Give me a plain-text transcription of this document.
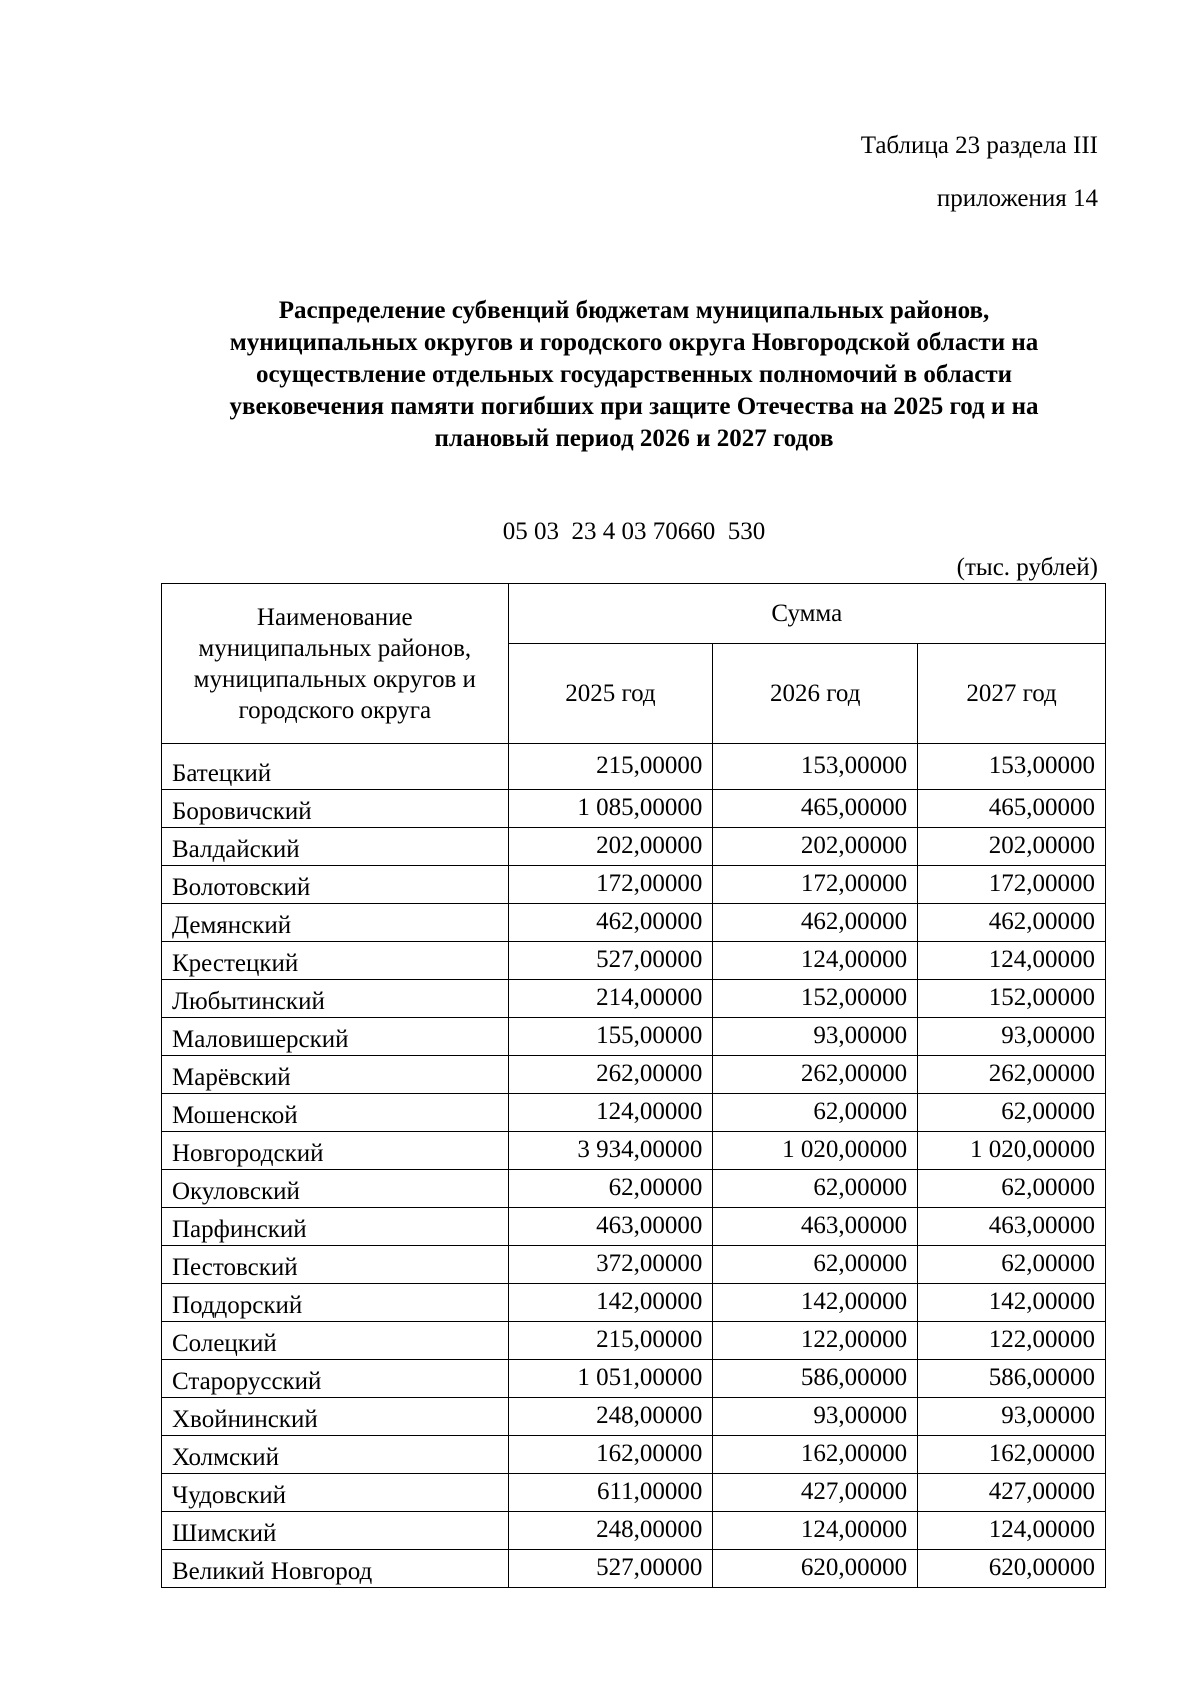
Таблица 23 раздела III
приложения 14
Распределение субвенций бюджетам муниципальных районов,
муниципальных округов и городского округа Новгородской области на
осуществление отдельных государственных полномочий в области
увековечения памяти погибших при защите Отечества на 2025 год и на
плановый период 2026 и 2027 годов
05 03  23 4 03 70660  530
(тыс. рублей)
Наименование
муниципальных районов,
муниципальных округов и
городского округа	Сумма		
	2025 год	2026 год	2027 год
Батецкий	215,00000	153,00000	153,00000
Боровичский	1 085,00000	465,00000	465,00000
Валдайский	202,00000	202,00000	202,00000
Волотовский	172,00000	172,00000	172,00000
Демянский	462,00000	462,00000	462,00000
Крестецкий	527,00000	124,00000	124,00000
Любытинский	214,00000	152,00000	152,00000
Маловишерский	155,00000	93,00000	93,00000
Марёвский	262,00000	262,00000	262,00000
Мошенской	124,00000	62,00000	62,00000
Новгородский	3 934,00000	1 020,00000	1 020,00000
Окуловский	62,00000	62,00000	62,00000
Парфинский	463,00000	463,00000	463,00000
Пестовский	372,00000	62,00000	62,00000
Поддорский	142,00000	142,00000	142,00000
Солецкий	215,00000	122,00000	122,00000
Старорусский	1 051,00000	586,00000	586,00000
Хвойнинский	248,00000	93,00000	93,00000
Холмский	162,00000	162,00000	162,00000
Чудовский	611,00000	427,00000	427,00000
Шимский	248,00000	124,00000	124,00000
Великий Новгород	527,00000	620,00000	620,00000
